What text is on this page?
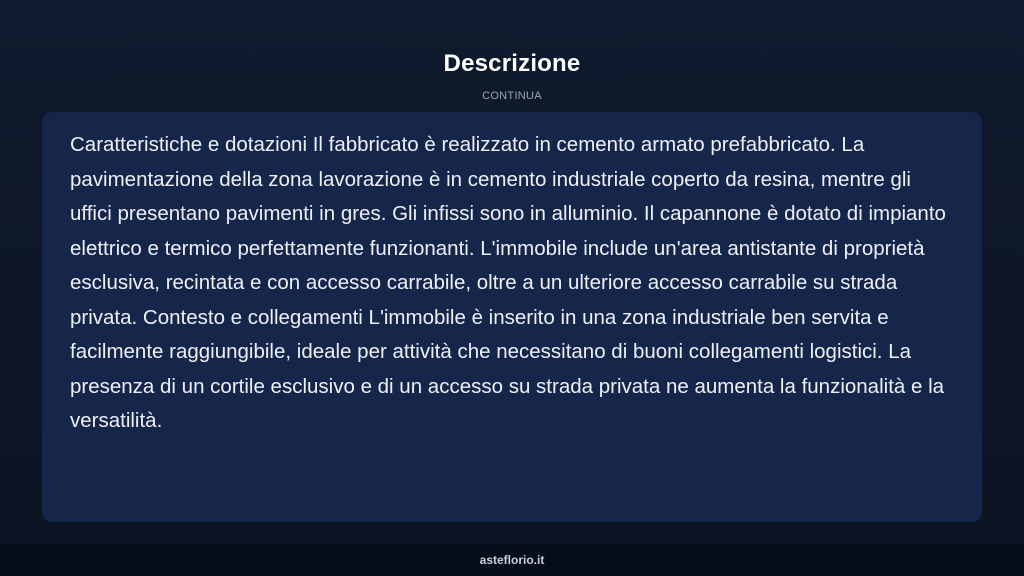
Descrizione
CONTINUA

Caratteristiche e dotazioni Il fabbricato è realizzato in cemento armato prefabbricato. La pavimentazione della zona lavorazione è in cemento industriale coperto da resina, mentre gli uffici presentano pavimenti in gres. Gli infissi sono in alluminio. Il capannone è dotato di impianto elettrico e termico perfettamente funzionanti. L'immobile include un'area antistante di proprietà esclusiva, recintata e con accesso carrabile, oltre a un ulteriore accesso carrabile su strada privata. Contesto e collegamenti L'immobile è inserito in una zona industriale ben servita e facilmente raggiungibile, ideale per attività che necessitano di buoni collegamenti logistici. La presenza di un cortile esclusivo e di un accesso su strada privata ne aumenta la funzionalità e la versatilità.

asteflorio.it
